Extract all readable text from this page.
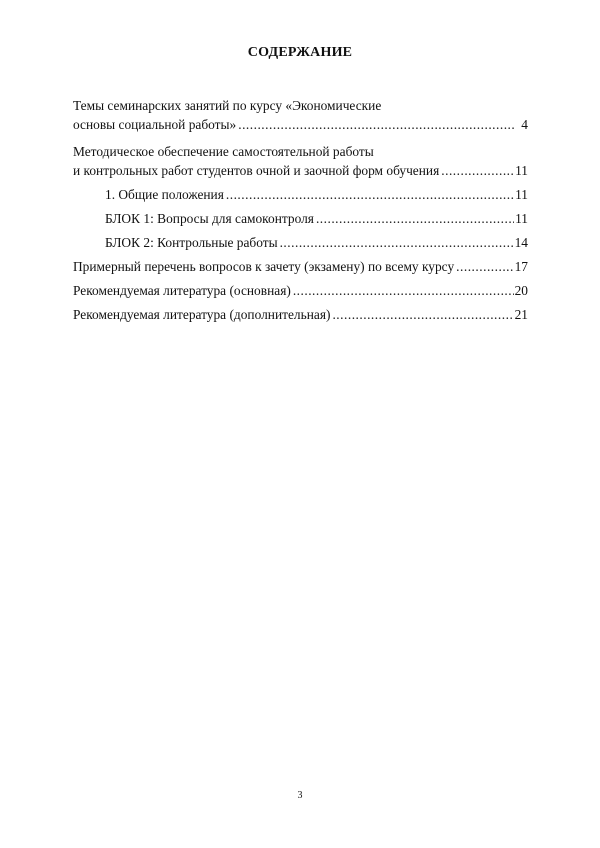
СОДЕРЖАНИЕ
Темы семинарских занятий по курсу «Экономические
основы социальной работы» .....	4
Методическое обеспечение самостоятельной работы
и контрольных работ студентов очной и заочной форм обучения .....	11
1. Общие положения .....	11
БЛОК 1: Вопросы для самоконтроля .....	11
БЛОК 2: Контрольные работы .....	14
Примерный перечень вопросов к зачету (экзамену) по всему курсу .....	17
Рекомендуемая литература (основная) .....	20
Рекомендуемая литература (дополнительная) .....	21
3
